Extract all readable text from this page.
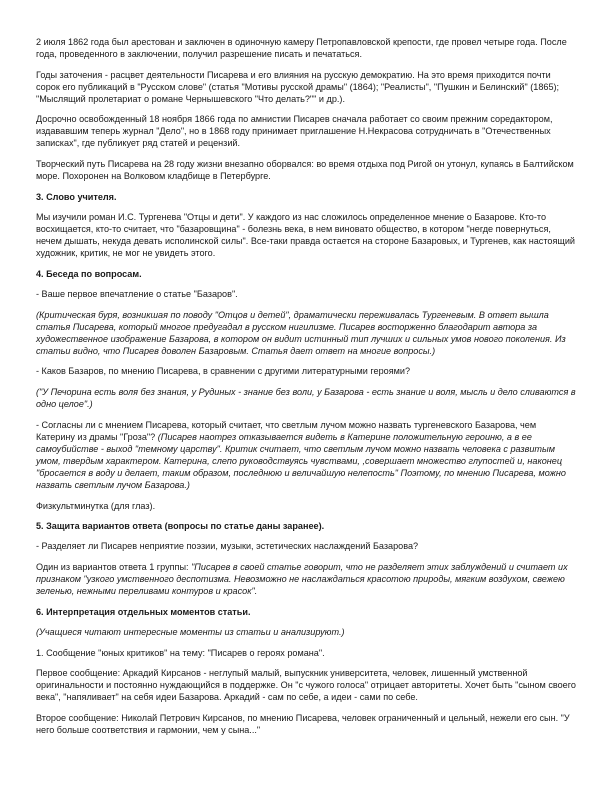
2 июля 1862 года был арестован и заключен в одиночную камеру Петропавловской крепости, где провел четыре года. После года, проведенного в заключении, получил разрешение писать и печататься.

Годы заточения - расцвет деятельности Писарева и его влияния на русскую демократию. На это время приходится почти сорок его публикаций в "Русском слове" (статья "Мотивы русской драмы" (1864); "Реалисты", "Пушкин и Белинский" (1865); "Мыслящий пролетариат о романе Чернышевского "Что делать?"" и др.).

Досрочно освобожденный 18 ноября 1866 года по амнистии Писарев сначала работает со своим прежним соредактором, издававшим теперь журнал "Дело", но в 1868 году принимает приглашение Н.Некрасова сотрудничать в "Отечественных записках", где публикует ряд статей и рецензий.

Творческий путь Писарева на 28 году жизни внезапно оборвался: во время отдыха под Ригой он утонул, купаясь в Балтийском море. Похоронен на Волковом кладбище в Петербурге.

3. Слово учителя.

Мы изучили роман И.С. Тургенева "Отцы и дети". У каждого из нас сложилось определенное мнение о Базарове. Кто-то восхищается, кто-то считает, что "базаровщина" - болезнь века, в нем виновато общество, в котором "негде повернуться, нечем дышать, некуда девать исполинской силы". Все-таки правда остается на стороне Базаровых, и Тургенев, как настоящий художник, критик, не мог не увидеть этого.

4. Беседа по вопросам.

- Ваше первое впечатление о статье "Базаров".

(Критическая буря, возникшая по поводу "Отцов и детей", драматически переживалась Тургеневым. В ответ вышла статья Писарева, который многое предугадал в русском нигилизме. Писарев восторженно благодарит автора за художественное изображение Базарова, в котором он видит истинный тип лучших и сильных умов нового поколения. Из статьи видно, что Писарев доволен Базаровым. Статья дает ответ на многие вопросы.)

- Каков Базаров, по мнению Писарева, в сравнении с другими литературными героями?

("У Печорина есть воля без знания, у Рудиных - знание без воли, у Базарова - есть знание и воля, мысль и дело сливаются в одно целое".)

- Согласны ли с мнением Писарева, который считает, что светлым лучом можно назвать тургеневского Базарова, чем Катерину из драмы "Гроза"? (Писарев наотрез отказывается видеть в Катерине положительную героиню, а в ее самоубийстве - выход "темному царству". Критик считает, что светлым лучом можно назвать человека с развитым умом, твердым характером. Катерина, слепо руководствуясь чувствами, ,совершает множество глупостей и, наконец "бросается в воду и делает, таким образом, последнюю и величайшую нелепость" Поэтому, по мнению Писарева, можно назвать светлым лучом Базарова.)

Физкультминутка (для глаз).

5. Защита вариантов ответа (вопросы по статье даны заранее).

- Разделяет ли Писарев неприятие поэзии, музыки, эстетических наслаждений Базарова?

Один из вариантов ответа 1 группы: "Писарев в своей статье говорит, что не разделяет этих заблуждений и считает их признаком "узкого умственного деспотизма. Невозможно не наслаждаться красотою природы, мягким воздухом, свежею зеленью, нежными переливами контуров и красок".

6. Интерпретация отдельных моментов статьи.

(Учащиеся читают интересные моменты из статьи и анализируют.)

1. Сообщение "юных критиков" на тему: "Писарев о героях романа".

Первое сообщение: Аркадий Кирсанов - неглупый малый, выпускник университета, человек, лишенный умственной оригинальности и постоянно нуждающийся в поддержке. Он "с чужого голоса" отрицает авторитеты. Хочет быть "сыном своего века", "напяливает" на себя идеи Базарова. Аркадий - сам по себе, а идеи - сами по себе.

Второе сообщение: Николай Петрович Кирсанов, по мнению Писарева, человек ограниченный и цельный, нежели его сын. "У него больше соответствия и гармонии, чем у сына..."
